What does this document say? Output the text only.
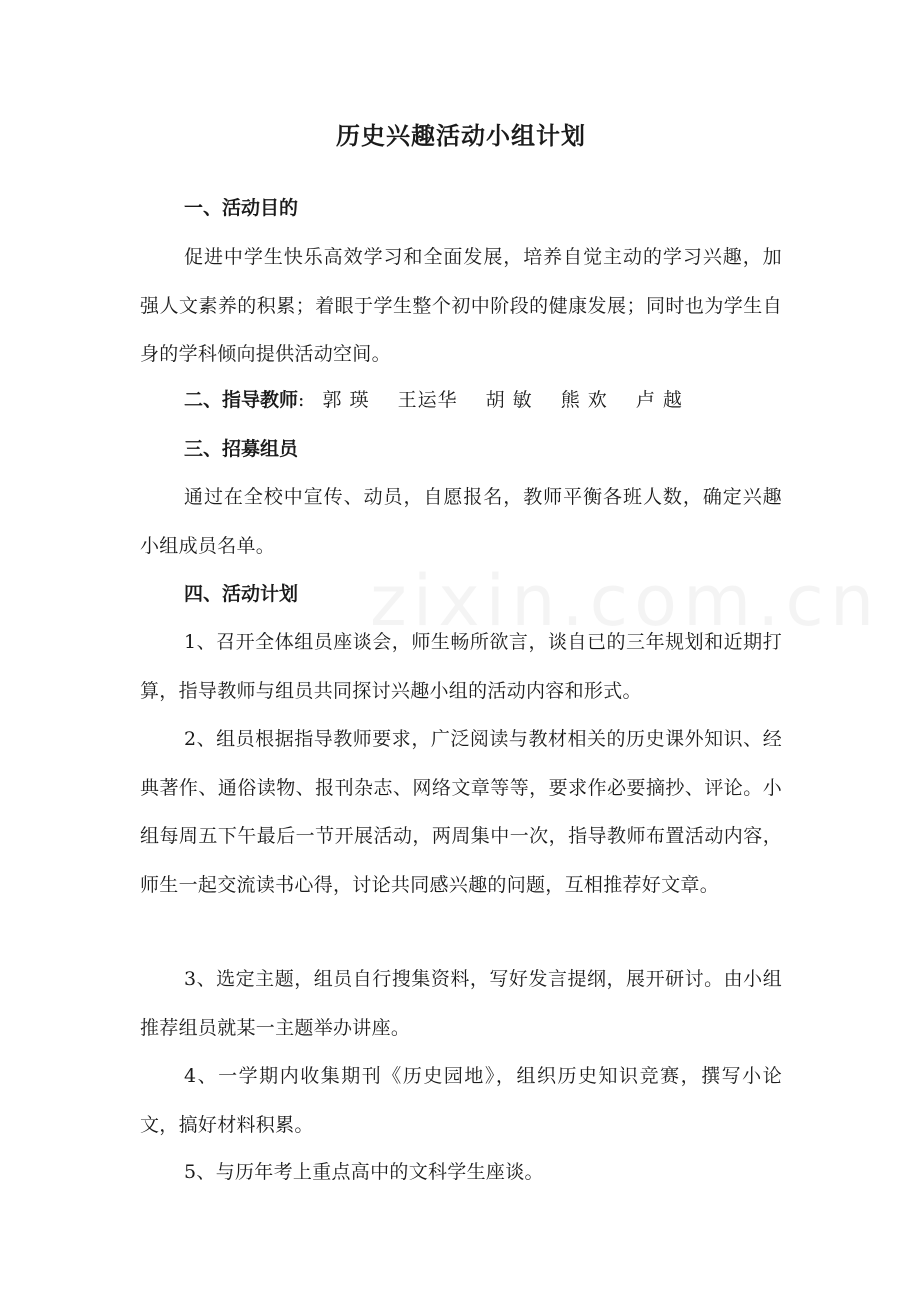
历史兴趣活动小组计划
一、活动目的
促进中学生快乐高效学习和全面发展，培养自觉主动的学习兴趣，加强人文素养的积累；着眼于学生整个初中阶段的健康发展；同时也为学生自身的学科倾向提供活动空间。
二、指导教师: 郭 瑛 王运华 胡 敏 熊 欢 卢 越
三、招募组员
通过在全校中宣传、动员，自愿报名，教师平衡各班人数，确定兴趣小组成员名单。
四、活动计划
1、召开全体组员座谈会，师生畅所欲言，谈自已的三年规划和近期打算，指导教师与组员共同探讨兴趣小组的活动内容和形式。
2、组员根据指导教师要求，广泛阅读与教材相关的历史课外知识、经典著作、通俗读物、报刊杂志、网络文章等等，要求作必要摘抄、评论。小组每周五下午最后一节开展活动，两周集中一次，指导教师布置活动内容，师生一起交流读书心得，讨论共同感兴趣的问题，互相推荐好文章。
3、选定主题，组员自行搜集资料，写好发言提纲，展开研讨。由小组推荐组员就某一主题举办讲座。
4、一学期内收集期刊《历史园地》，组织历史知识竞赛，撰写小论文，搞好材料积累。
5、与历年考上重点高中的文科学生座谈。
